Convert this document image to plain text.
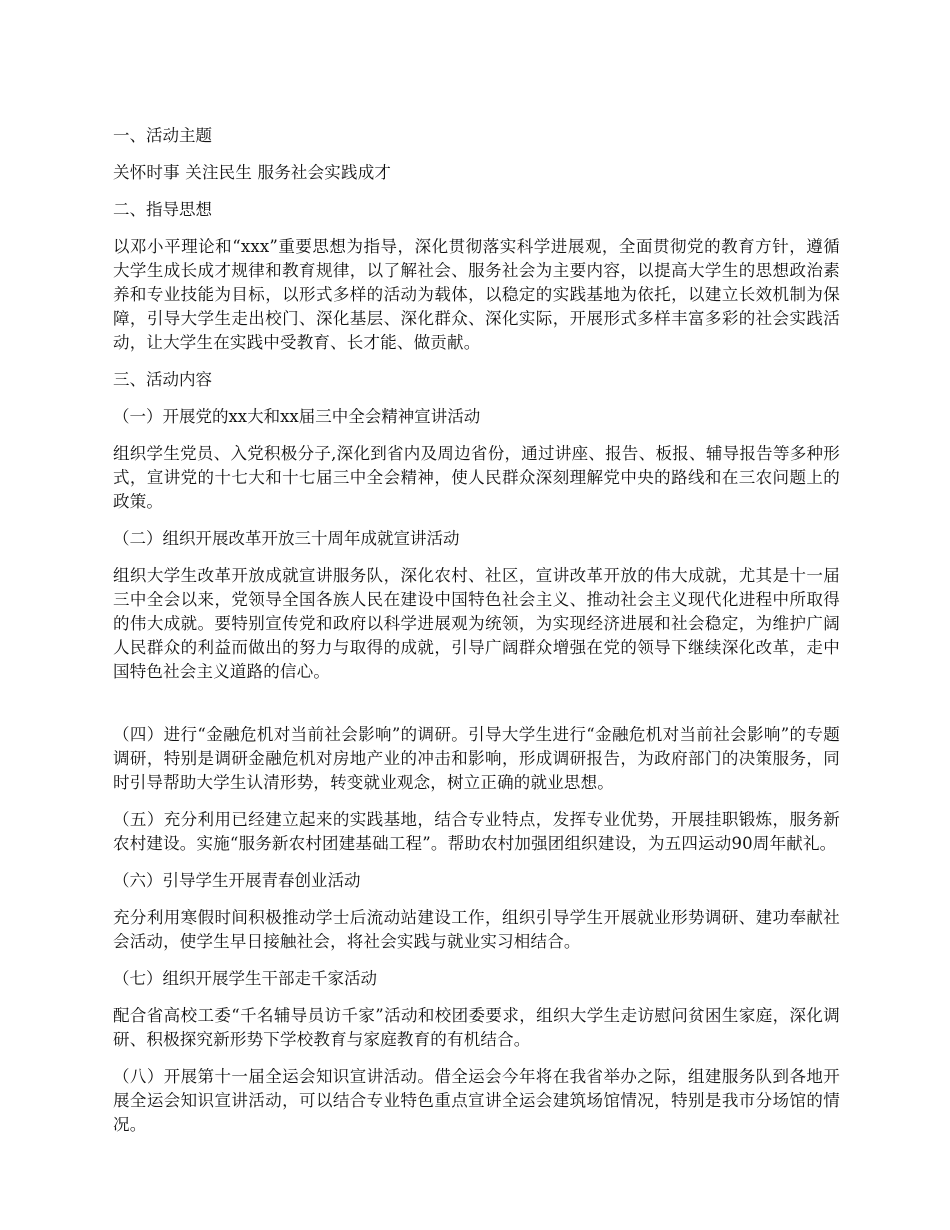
一、活动主题

关怀时事 关注民生 服务社会实践成才

二、指导思想

以邓小平理论和“xxx”重要思想为指导，深化贯彻落实科学进展观，全面贯彻党的教育方针，遵循大学生成长成才规律和教育规律，以了解社会、服务社会为主要内容，以提高大学生的思想政治素养和专业技能为目标，以形式多样的活动为载体，以稳定的实践基地为依托，以建立长效机制为保障，引导大学生走出校门、深化基层、深化群众、深化实际，开展形式多样丰富多彩的社会实践活动，让大学生在实践中受教育、长才能、做贡献。

三、活动内容

（一）开展党的xx大和xx届三中全会精神宣讲活动

组织学生党员、入党积极分子,深化到省内及周边省份，通过讲座、报告、板报、辅导报告等多种形式，宣讲党的十七大和十七届三中全会精神，使人民群众深刻理解党中央的路线和在三农问题上的政策。

（二）组织开展改革开放三十周年成就宣讲活动

组织大学生改革开放成就宣讲服务队，深化农村、社区，宣讲改革开放的伟大成就，尤其是十一届三中全会以来，党领导全国各族人民在建设中国特色社会主义、推动社会主义现代化进程中所取得的伟大成就。要特别宣传党和政府以科学进展观为统领，为实现经济进展和社会稳定，为维护广阔人民群众的利益而做出的努力与取得的成就，引导广阔群众增强在党的领导下继续深化改革，走中国特色社会主义道路的信心。

（四）进行“金融危机对当前社会影响”的调研。引导大学生进行“金融危机对当前社会影响”的专题调研，特别是调研金融危机对房地产业的冲击和影响，形成调研报告，为政府部门的决策服务，同时引导帮助大学生认清形势，转变就业观念，树立正确的就业思想。

（五）充分利用已经建立起来的实践基地，结合专业特点，发挥专业优势，开展挂职锻炼，服务新农村建设。实施“服务新农村团建基础工程”。帮助农村加强团组织建设，为五四运动90周年献礼。

（六）引导学生开展青春创业活动

充分利用寒假时间积极推动学士后流动站建设工作，组织引导学生开展就业形势调研、建功奉献社会活动，使学生早日接触社会，将社会实践与就业实习相结合。

（七）组织开展学生干部走千家活动

配合省高校工委“千名辅导员访千家”活动和校团委要求，组织大学生走访慰问贫困生家庭，深化调研、积极探究新形势下学校教育与家庭教育的有机结合。

（八）开展第十一届全运会知识宣讲活动。借全运会今年将在我省举办之际，组建服务队到各地开展全运会知识宣讲活动，可以结合专业特色重点宣讲全运会建筑场馆情况，特别是我市分场馆的情况。
